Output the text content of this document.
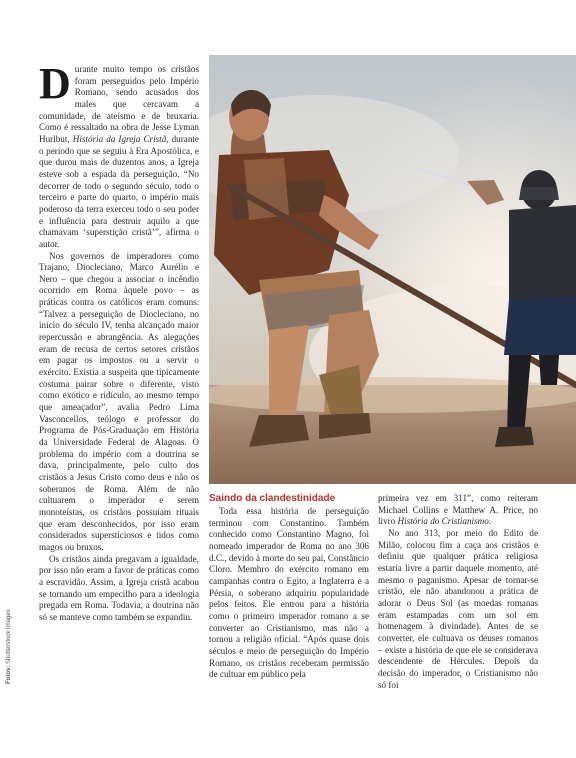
Durante muito tempo os cristãos foram perseguidos pelo Império Romano, sendo acusados dos males que cercavam a comunidade, de ateísmo e de bruxaria. Como é ressaltado na obra de Jesse Lyman Hurlbut, História da Igreja Cristã, durante o período que se seguiu à Era Apostólica, e que durou mais de duzentos anos, a Igreja esteve sob a espada da perseguição. “No decorrer de todo o segundo século, todo o terceiro e parte do quarto, o império mais poderoso da terra exerceu todo o seu poder e influência para destruir aquilo a que chamavam ‘superstição cristã’”, afirma o autor.

Nos governos de imperadores como Trajano, Diocleciano, Marco Aurélio e Nero – que chegou a associar o incêndio ocorrido em Roma àquele povo – as práticas contra os católicos eram comuns. “Talvez a perseguição de Diocleciano, no início do século IV, tenha alcançado maior repercussão e abrangência. As alegações eram de recusa de certos setores cristãos em pagar os impostos ou a servir o exército. Existia a suspeita que tipicamente costuma pairar sobre o diferente, visto como exótico e ridículo, ao mesmo tempo que ameaçador”, avalia Pedro Lima Vasconcellos, teólogo e professor do Programa de Pós-Graduação em História da Universidade Federal de Alagoas. O problema do império com a doutrina se dava, principalmente, pelo culto dos cristãos a Jesus Cristo como deus e não os soberanos de Roma. Além de não cultuarem o imperador e serem monoteístas, os cristãos possuíam rituais que eram desconhecidos, por isso eram considerados supersticiosos e tidos como magos ou bruxos.

Os cristãos ainda pregavam a igualdade, por isso não eram a favor de práticas como a escravidão. Assim, a Igreja cristã acabou se tornando um empecilho para a ideologia pregada em Roma. Todavia, a doutrina não só se manteve como também se expandiu.

Fotos: Shutterstock Images
Saindo da clandestinidade

Toda essa história de perseguição terminou com Constantino. Também conhecido como Constantino Magno, foi nomeado imperador de Roma no ano 306 d.C., devido à morte do seu pai, Constâncio Cloro. Membro do exército romano em campanhas contra o Egito, a Inglaterra e a Pérsia, o soberano adquiriu popularidade pelos feitos. Ele entrou para a história como o primeiro imperador romano a se converter ao Cristianismo, mas não a tornou a religião oficial. “Após quase dois séculos e meio de perseguição do Império Romano, os cristãos receberam permissão de cultuar em público pela

primeira vez em 311”, como reiteram Michael Collins e Matthew A. Price, no livro História do Cristianismo.

No ano 313, por meio do Edito de Milão, colocou fim a caça aos cristãos e definiu que qualquer prática religiosa estaria livre a partir daquele momento, até mesmo o paganismo. Apesar de tornar-se cristão, ele não abandonou a prática de adorar o Deus Sol (as moedas romanas eram estampadas com um sol em homenagem à divindade). Antes de se converter, ele cultuava os deuses romanos – existe a história de que ele se considerava descendente de Hércules. Depois da decisão do imperador, o Cristianismo não só foi
